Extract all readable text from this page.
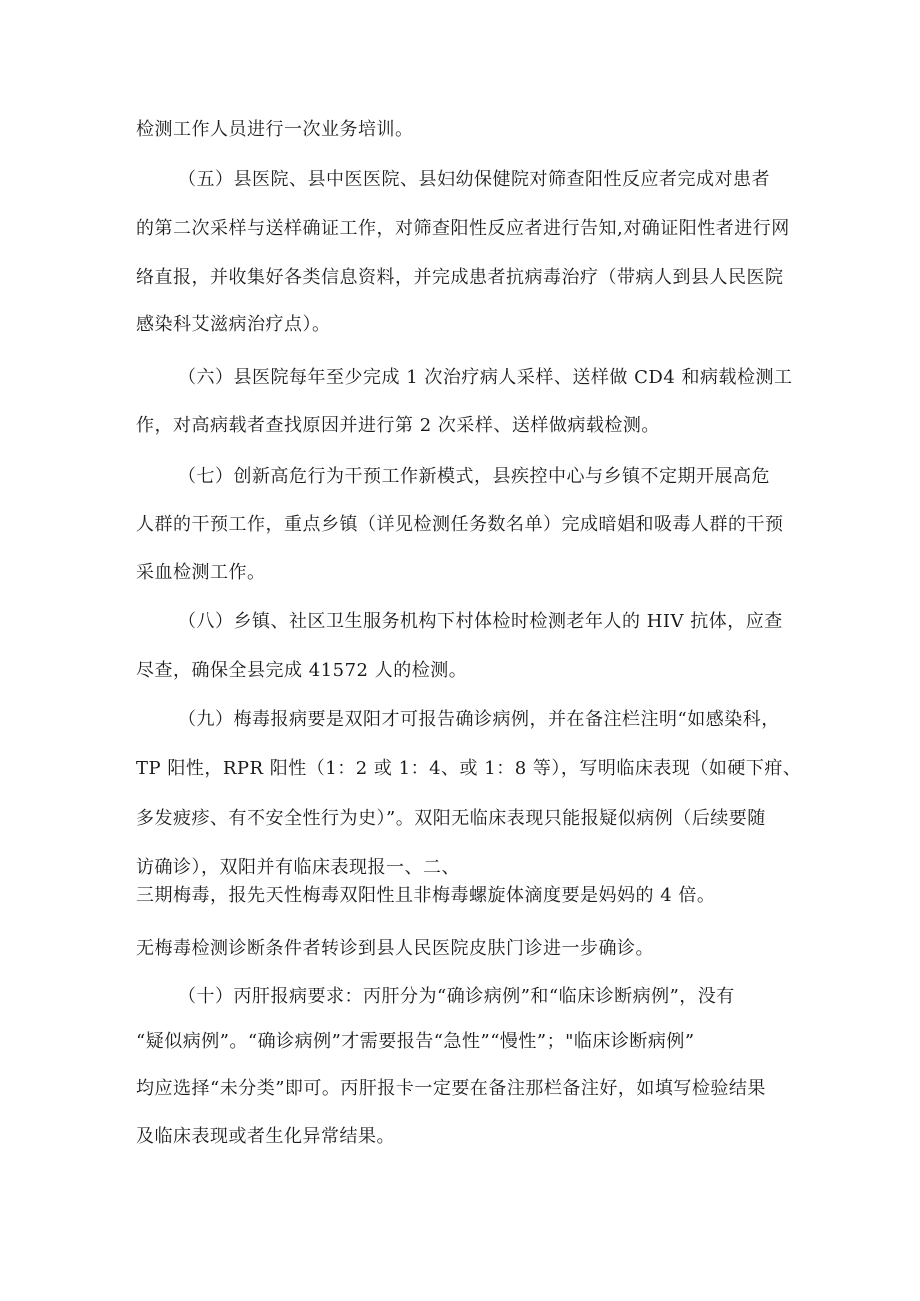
检测工作人员进行一次业务培训。
（五）县医院、县中医医院、县妇幼保健院对筛查阳性反应者完成对患者
的第二次采样与送样确证工作，对筛查阳性反应者进行告知,对确证阳性者进行网
络直报，并收集好各类信息资料，并完成患者抗病毒治疗（带病人到县人民医院
感染科艾滋病治疗点）。
（六）县医院每年至少完成 1 次治疗病人采样、送样做 CD4 和病载检测工
作，对高病载者查找原因并进行第 2 次采样、送样做病载检测。
（七）创新高危行为干预工作新模式，县疾控中心与乡镇不定期开展高危
人群的干预工作，重点乡镇（详见检测任务数名单）完成暗娼和吸毒人群的干预
采血检测工作。
（八）乡镇、社区卫生服务机构下村体检时检测老年人的 HIV 抗体，应查
尽查，确保全县完成 41572 人的检测。
（九）梅毒报病要是双阳才可报告确诊病例，并在备注栏注明“如感染科，
TP 阳性，RPR 阳性（1：2 或 1：4、或 1：8 等），写明临床表现（如硬下疳、
多发疲疹、有不安全性行为史）”。双阳无临床表现只能报疑似病例（后续要随
访确诊），双阳并有临床表现报一、二、
三期梅毒，报先天性梅毒双阳性且非梅毒螺旋体滴度要是妈妈的 4 倍。
无梅毒检测诊断条件者转诊到县人民医院皮肤门诊进一步确诊。
（十）丙肝报病要求：丙肝分为“确诊病例”和“临床诊断病例”，没有
“疑似病例”。“确诊病例”才需要报告“急性”“慢性”；"临床诊断病例”
均应选择“未分类”即可。丙肝报卡一定要在备注那栏备注好，如填写检验结果
及临床表现或者生化异常结果。
